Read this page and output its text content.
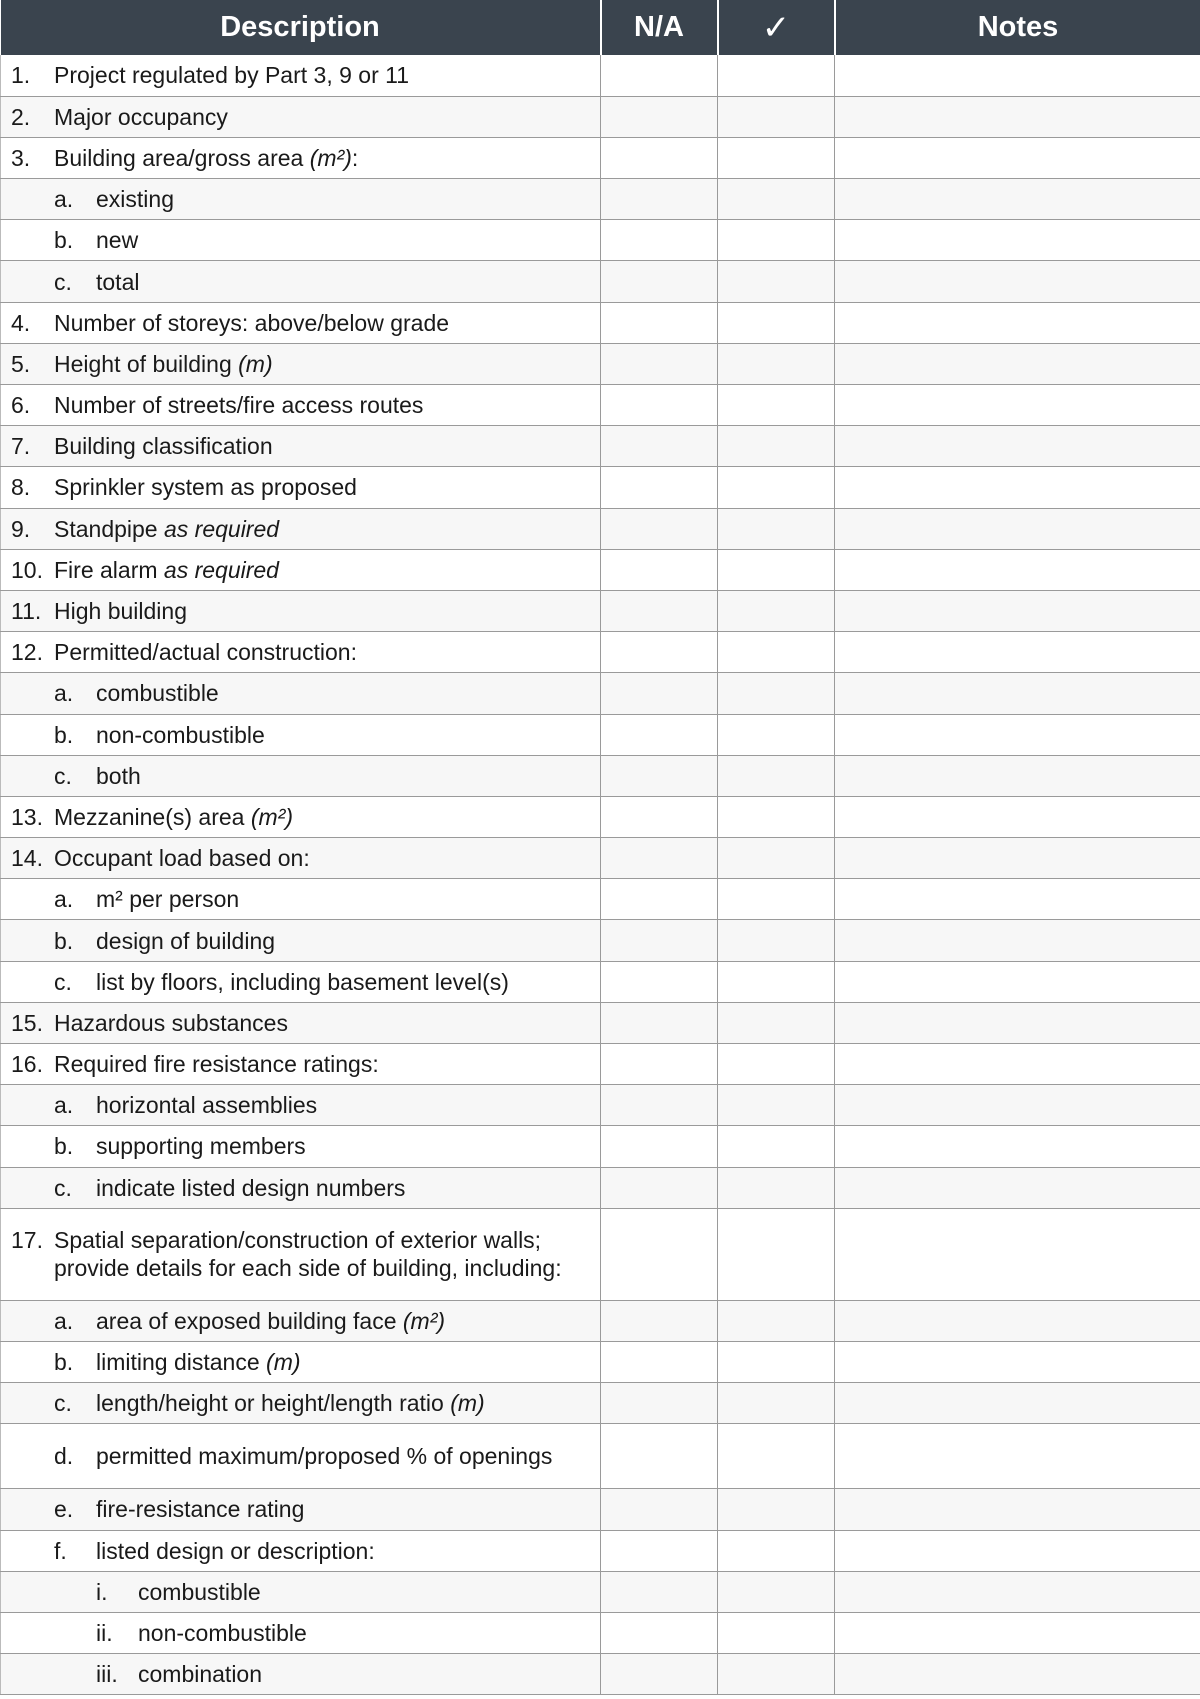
Description	N/A	✓	Notes

1. Project regulated by Part 3, 9 or 11			

2. Major occupancy			

3. Building area/gross area (m²):			

a. existing			

b. new			

c. total			

4. Number of storeys: above/below grade			

5. Height of building (m)			

6. Number of streets/fire access routes			

7. Building classification			

8. Sprinkler system as proposed			

9. Standpipe as required			

10. Fire alarm as required			

11. High building			

12. Permitted/actual construction:			

a. combustible			

b. non-combustible			

c. both			

13. Mezzanine(s) area (m²)			

14. Occupant load based on:			

a. m² per person			

b. design of building			

c. list by floors, including basement level(s)			

15. Hazardous substances			

16. Required fire resistance ratings:			

a. horizontal assemblies			

b. supporting members			

c. indicate listed design numbers			

17. Spatial separation/construction of exterior walls; provide details for each side of building, including:			

a. area of exposed building face (m²)			

b. limiting distance (m)			

c. length/height or height/length ratio (m)			

d. permitted maximum/proposed % of openings			

e. fire-resistance rating			

f. listed design or description:			

i. combustible			

ii. non-combustible			

iii. combination			
